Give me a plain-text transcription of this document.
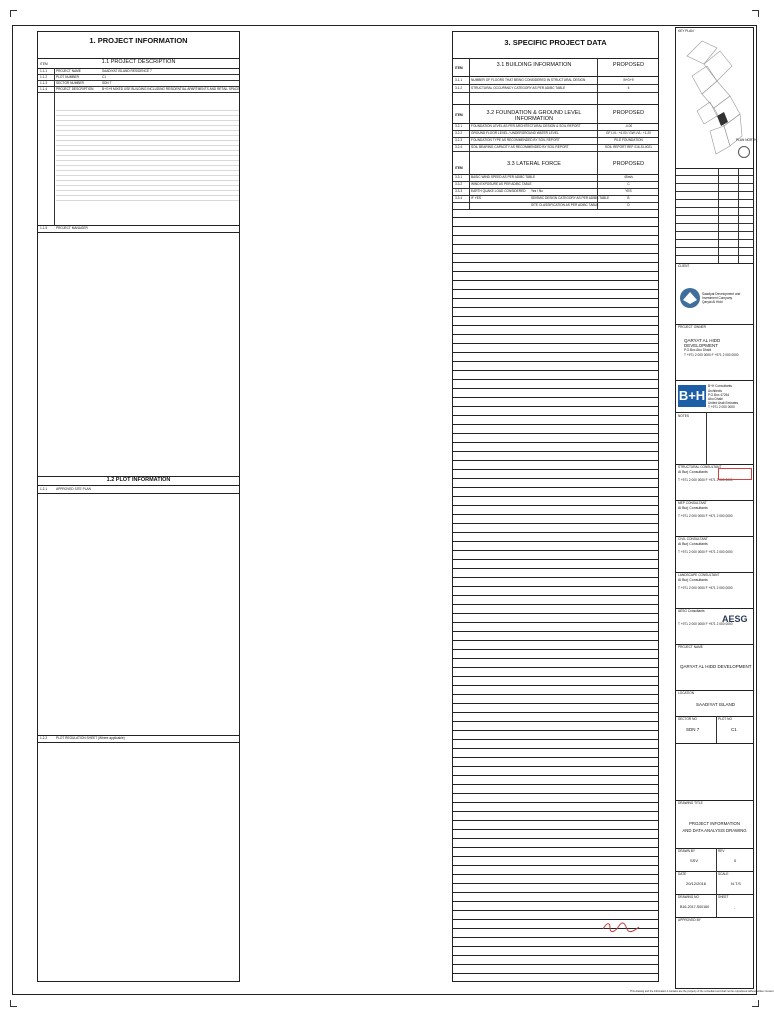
1. PROJECT INFORMATION
ITEM	1.1 PROJECT DESCRIPTION
1.1.1	PROJECT NAME	SAADIYAT ISLAND RESIDENCE 7
1.1.2	PLOT NUMBER	C1
1.1.3	SECTOR NUMBER	SDN 7
1.1.4	PROJECT DESCRIPTION	B+G+9 MIXED USE BUILDING INCLUDING RESIDENTIAL APARTMENTS AND RETAIL SPACE
1.1.5	PROJECT MANAGER
1.2 PLOT INFORMATION
1.2.1	APPROVED SITE PLAN
1.2.2	PLOT REGULATION SHEET (Where applicable)
3. SPECIFIC PROJECT DATA
ITEM	3.1 BUILDING INFORMATION	PROPOSED
3.1.1	NUMBER OF FLOORS THAT BEING CONSIDERED IN STRUCTURAL DESIGN	B+G+9
3.1.2	STRUCTURAL OCCUPANCY CATEGORY AS PER ADIBC TABLE	II
ITEM	3.2 FOUNDATION & GROUND LEVEL INFORMATION
PROPOSED
3.2.1	FOUNDATION LEVEL AS PER ARCHITECTURAL DESIGN & SOIL REPORT	-4.00
3.2.2	GROUND FLOOR LEVEL / UNDERGROUND WATER LEVEL	GF LVL: +4.00 / GW LVL: +1.20
3.2.3	FOUNDATION TYPE AS RECOMMENDED BY SOIL REPORT	PILE FOUNDATION
3.2.4	SOIL BEARING CAPACITY AS RECOMMENDED BY SOIL REPORT	SOIL REPORT REF 016-SI-0021
ITEM
3.3 LATERAL FORCE	PROPOSED
3.3.1	BASIC WIND SPEED AS PER ADIBC TABLE	45m/s
3.3.2	WIND EXPOSURE AS PER ADIBC TABLE	C
3.3.3	EARTH QUAKE LOAD CONSIDERED Yes / No	YES
3.3.4	IF YES	SEISMIC DESIGN CATEGORY AS PER ADIBC TABLE	B
SITE CLASSIFICATION AS PER ADIBC TABLE	D
KEY PLAN
PLAN NORTH
CLIENT
Saadiyat Development and Investment Company
Qaryat Al Hidd
PROJECT OWNER
QARYAT AL HIDD DEVELOPMENT
P.O.Box Abu Dhabi
T +971 2 000 0000 F +971 2 000 0000
B+H
B+H Consultants
Architects
P.O.Box 47264
Abu Dhabi
United Arab Emirates
T +971 2 000 0000
NOTES
STRUCTURAL CONSULTANT
Al Burj Consultants
T +971 2 000 0000 F +971 2 000 0000
MEP CONSULTANT
Al Burj Consultants
T +971 2 000 0000 F +971 2 000 0000
CIVIL CONSULTANT
Al Burj Consultants
T +971 2 000 0000 F +971 2 000 0000
LANDSCAPE CONSULTANT
Al Burj Consultants
T +971 2 000 0000 F +971 2 000 0000
AESG Consultants
T +971 2 000 0000 F +971 2 000 0000
AESG
PROJECT NAME
QARYAT AL HIDD DEVELOPMENT
LOCATION
SAADIYAT ISLAND
SECTOR NO
SDN 7
PLOT NO
C1
DRAWING TITLE
PROJECT INFORMATION
AND DATA ANALYSIS DRAWING
DRAWN BY
SSV
REV
0
DATE
20/12/2016
SCALE
N.T.S
DRAWING NO
B16-2017-S00160
SHEET
-
APPROVED BY
This drawing and the information it contains are the property of the consultant and shall not be reproduced without written consent.
